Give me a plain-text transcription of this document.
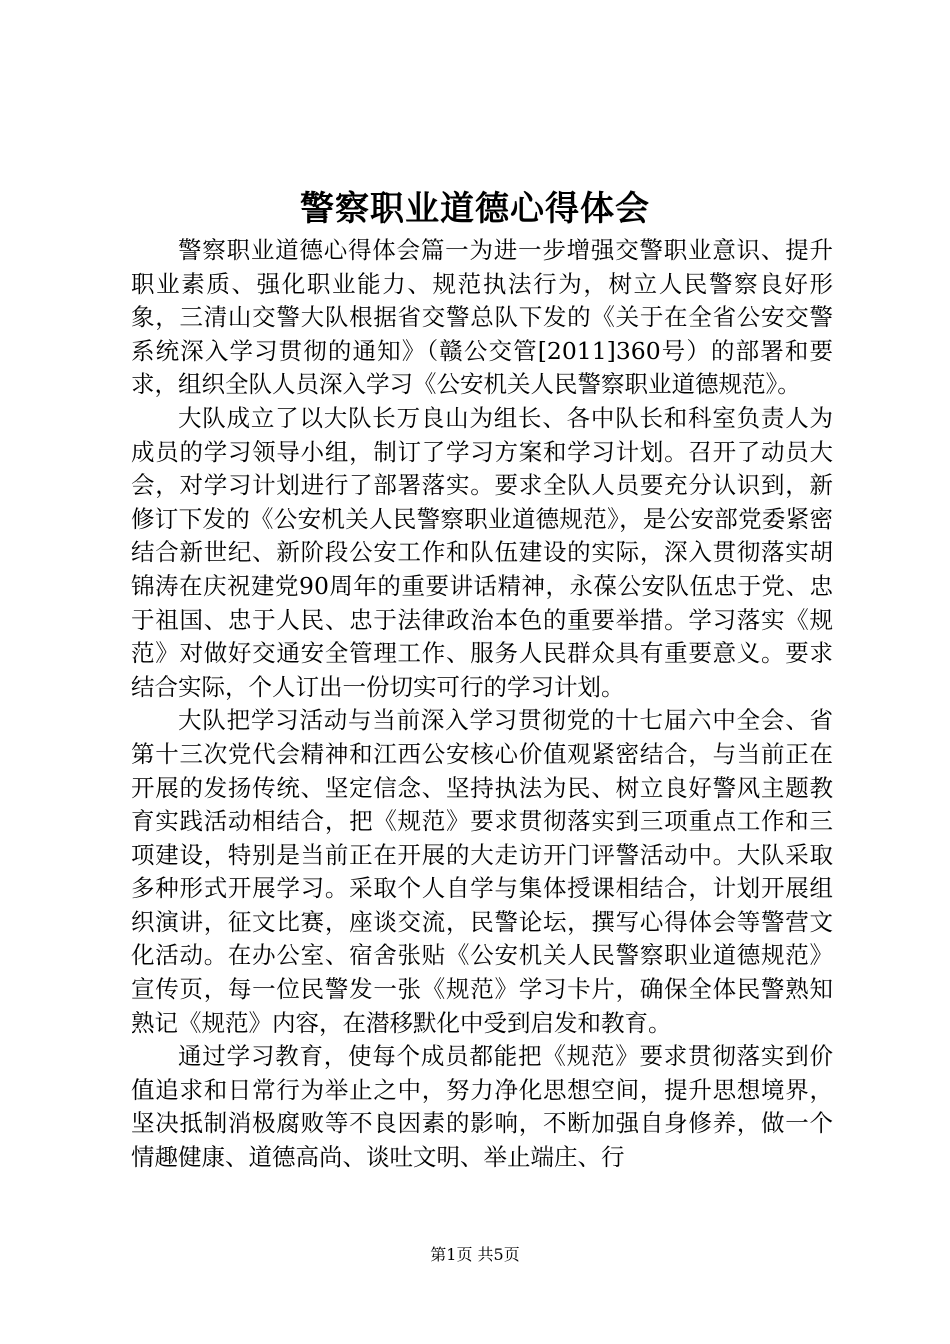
警察职业道德心得体会

警察职业道德心得体会篇一为进一步增强交警职业意识、提升职业素质、强化职业能力、规范执法行为，树立人民警察良好形象，三清山交警大队根据省交警总队下发的《关于在全省公安交警系统深入学习贯彻的通知》（赣公交管[2011]360号）的部署和要求，组织全队人员深入学习《公安机关人民警察职业道德规范》。

大队成立了以大队长万良山为组长、各中队长和科室负责人为成员的学习领导小组，制订了学习方案和学习计划。召开了动员大会，对学习计划进行了部署落实。要求全队人员要充分认识到，新修订下发的《公安机关人民警察职业道德规范》，是公安部党委紧密结合新世纪、新阶段公安工作和队伍建设的实际，深入贯彻落实胡锦涛在庆祝建党90周年的重要讲话精神，永葆公安队伍忠于党、忠于祖国、忠于人民、忠于法律政治本色的重要举措。学习落实《规范》对做好交通安全管理工作、服务人民群众具有重要意义。要求结合实际，个人订出一份切实可行的学习计划。

大队把学习活动与当前深入学习贯彻党的十七届六中全会、省第十三次党代会精神和江西公安核心价值观紧密结合，与当前正在开展的发扬传统、坚定信念、坚持执法为民、树立良好警风主题教育实践活动相结合，把《规范》要求贯彻落实到三项重点工作和三项建设，特别是当前正在开展的大走访开门评警活动中。大队采取多种形式开展学习。采取个人自学与集体授课相结合，计划开展组织演讲，征文比赛，座谈交流，民警论坛，撰写心得体会等警营文化活动。在办公室、宿舍张贴《公安机关人民警察职业道德规范》宣传页，每一位民警发一张《规范》学习卡片，确保全体民警熟知熟记《规范》内容，在潜移默化中受到启发和教育。

通过学习教育，使每个成员都能把《规范》要求贯彻落实到价值追求和日常行为举止之中，努力净化思想空间，提升思想境界，坚决抵制消极腐败等不良因素的影响，不断加强自身修养，做一个情趣健康、道德高尚、谈吐文明、举止端庄、行

第1页 共5页
